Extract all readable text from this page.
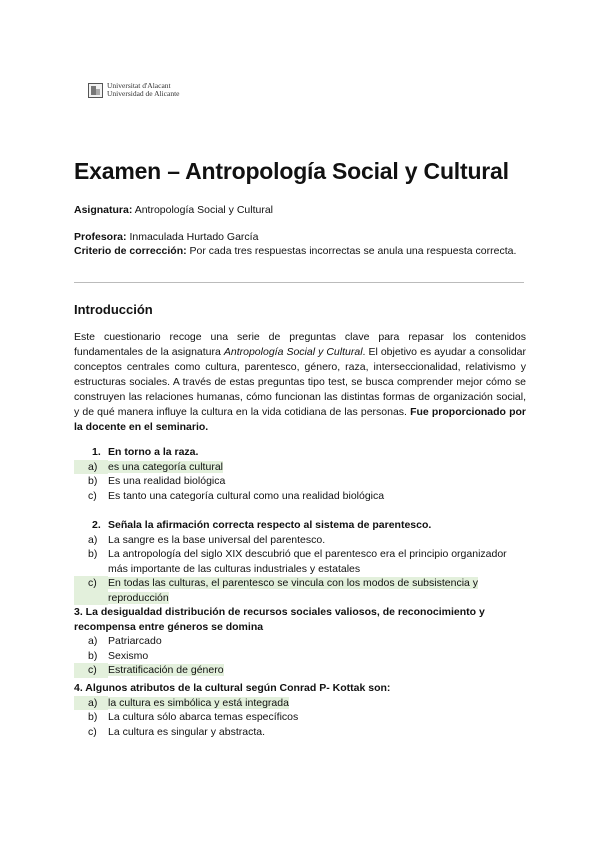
Universitat d'Alacant
Universidad de Alicante
Examen – Antropología Social y Cultural
Asignatura: Antropología Social y Cultural
Profesora: Inmaculada Hurtado García
Criterio de corrección: Por cada tres respuestas incorrectas se anula una respuesta correcta.
Introducción

Este cuestionario recoge una serie de preguntas clave para repasar los contenidos fundamentales de la asignatura Antropología Social y Cultural. El objetivo es ayudar a consolidar conceptos centrales como cultura, parentesco, género, raza, interseccionalidad, relativismo y estructuras sociales. A través de estas preguntas tipo test, se busca comprender mejor cómo se construyen las relaciones humanas, cómo funcionan las distintas formas de organización social, y de qué manera influye la cultura en la vida cotidiana de las personas. Fue proporcionado por la docente en el seminario.

1. En torno a la raza.
a)	es una categoría cultural
b)	Es una realidad biológica
c)	Es tanto una categoría cultural como una realidad biológica
2. Señala la afirmación correcta respecto al sistema de parentesco.
a)	La sangre es la base universal del parentesco.
b)	La antropología del siglo XIX descubrió que el parentesco era el principio organizador más importante de las culturas industriales y estatales
c)	En todas las culturas, el parentesco se vincula con los modos de subsistencia y reproducción
3. La desigualdad distribución de recursos sociales valiosos, de reconocimiento y recompensa entre géneros se domina
a)	Patriarcado
b)	Sexismo
c)	Estratificación de género
4. Algunos atributos de la cultural según Conrad P- Kottak son:
a)	la cultura es simbólica y está integrada
b)	La cultura sólo abarca temas específicos
c)	La cultura es singular y abstracta.
